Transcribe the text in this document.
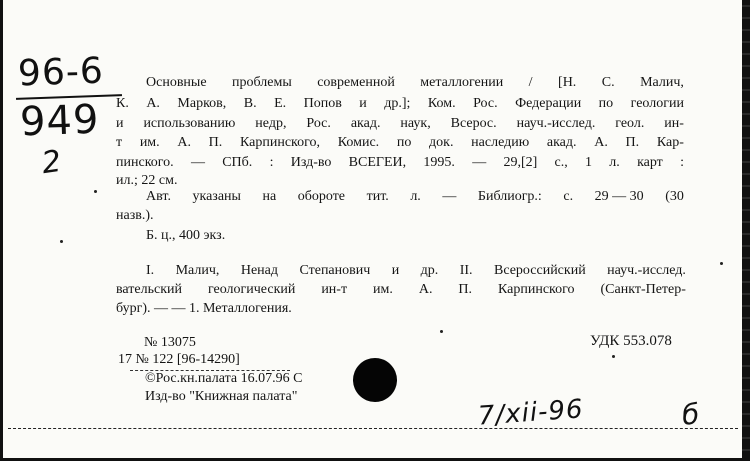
96-6
949
2
Основные проблемы современной металлогении / [Н. С. Малич,
К. А. Марков, В. Е. Попов и др.]; Ком. Рос. Федерации по геологии
и использованию недр, Рос. акад. наук, Всерос. науч.-исслед. геол. ин-
т им. А. П. Карпинского, Комис. по док. наследию акад. А. П. Кар-
пинского. — СПб. : Изд-во ВСЕГЕИ, 1995. — 29,[2] с., 1 л. карт :
ил.; 22 см.
Авт. указаны на обороте тит. л. — Библиогр.: с. 29 — 30 (30
назв.).
Б. ц., 400 экз.
I. Малич, Ненад Степанович и др. II. Всероссийский науч.-исслед.
вательский геологический ин-т им. А. П. Карпинского (Санкт-Петер-
бург). — — 1. Металлогения.
№ 13075	УДК 553.078
17 № 122 [96-14290]
©Рос.кн.палата 16.07.96 С
Изд-во "Книжная палата"	7/xii-96	б
